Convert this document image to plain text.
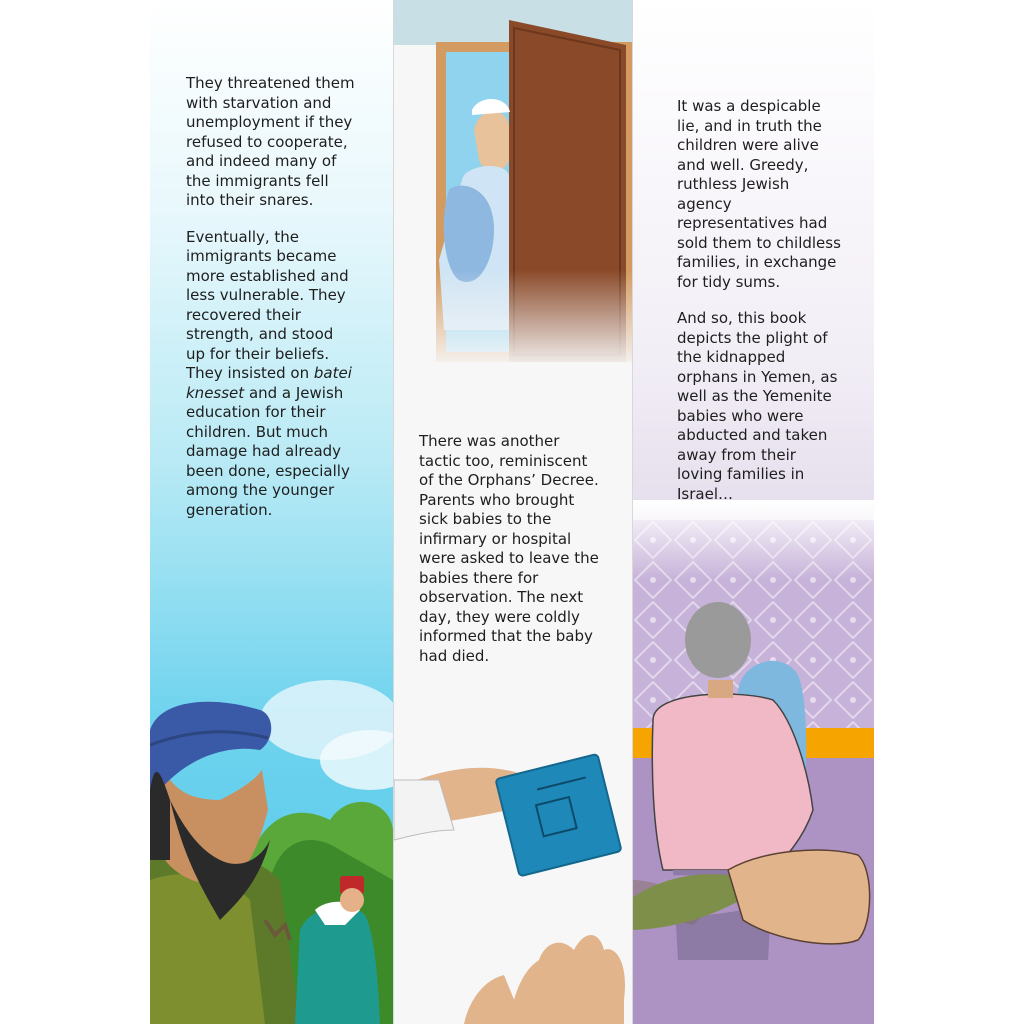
They threatened them with starvation and unemployment if they refused to cooperate, and indeed many of the immigrants fell into their snares.

Eventually, the immigrants became more established and less vulnerable. They recovered their strength, and stood up for their beliefs. They insisted on batei knesset and a Jewish education for their children. But much damage had already been done, especially among the younger generation.

There was another tactic too, reminiscent of the Orphans’ Decree. Parents who brought sick babies to the infirmary or hospital were asked to leave the babies there for observation. The next day, they were coldly informed that the baby had died.

It was a despicable lie, and in truth the children were alive and well. Greedy, ruthless Jewish agency representatives had sold them to childless families, in exchange for tidy sums.

And so, this book depicts the plight of the kidnapped orphans in Yemen, as well as the Yemenite babies who were abducted and taken away from their loving families in Israel…
